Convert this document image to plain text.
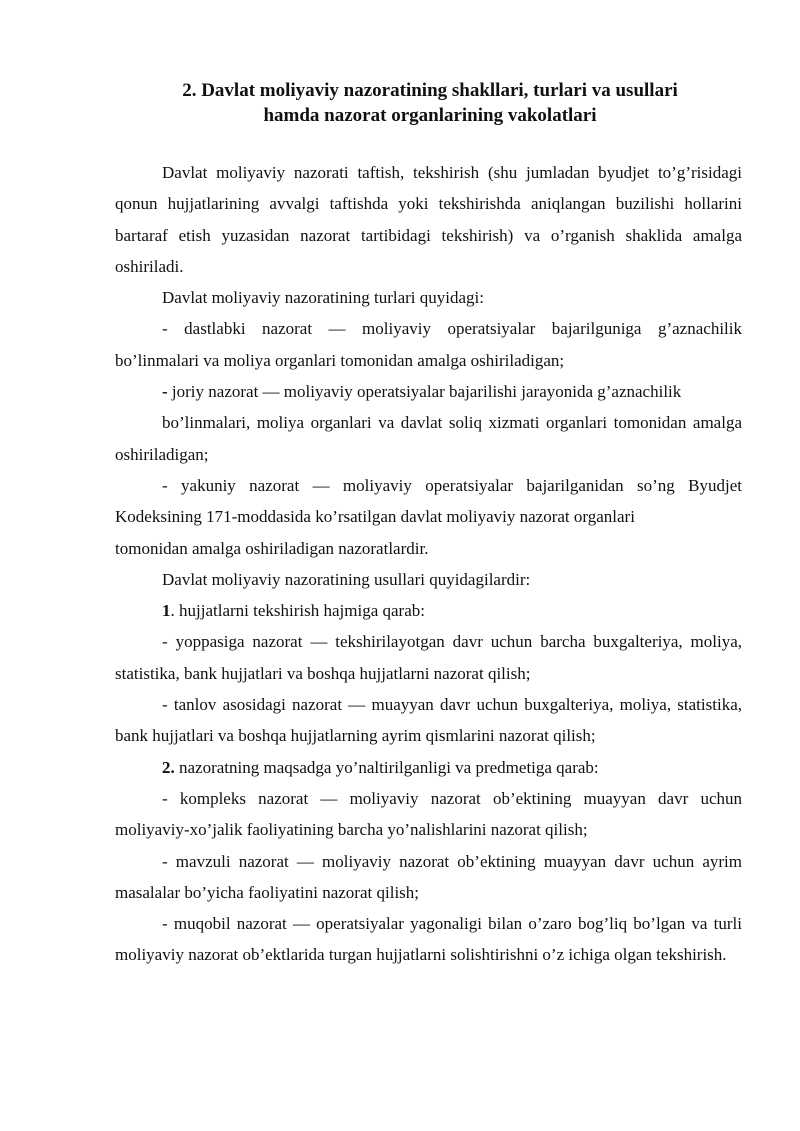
2. Davlat moliyaviy nazoratining shakllari, turlari va usullari
hamda nazorat organlarining vakolatlari

Davlat moliyaviy nazorati taftish, tekshirish (shu jumladan byudjet to’g’risidagi qonun hujjatlarining avvalgi taftishda yoki tekshirishda aniqlangan buzilishi hollarini bartaraf etish yuzasidan nazorat tartibidagi tekshirish) va o’rganish shaklida amalga oshiriladi.

Davlat moliyaviy nazoratining turlari quyidagi:

- dastlabki nazorat — moliyaviy operatsiyalar bajarilguniga g’aznachilik bo’linmalari va moliya organlari tomonidan amalga oshiriladigan;

- joriy nazorat — moliyaviy operatsiyalar bajarilishi jarayonida g’aznachilik

bo’linmalari, moliya organlari va davlat soliq xizmati organlari tomonidan amalga oshiriladigan;

- yakuniy nazorat — moliyaviy operatsiyalar bajarilganidan so’ng Byudjet

Kodeksining 171-moddasida ko’rsatilgan davlat moliyaviy nazorat organlari

tomonidan amalga oshiriladigan nazoratlardir.

Davlat moliyaviy nazoratining usullari quyidagilardir:

1. hujjatlarni tekshirish hajmiga qarab:

- yoppasiga nazorat — tekshirilayotgan davr uchun barcha buxgalteriya, moliya, statistika, bank hujjatlari va boshqa hujjatlarni nazorat qilish;

- tanlov asosidagi nazorat — muayyan davr uchun buxgalteriya, moliya, statistika, bank hujjatlari va boshqa hujjatlarning ayrim qismlarini nazorat qilish;

2. nazoratning maqsadga yo’naltirilganligi va predmetiga qarab:

- kompleks nazorat — moliyaviy nazorat ob’ektining muayyan davr uchun moliyaviy-xo’jalik faoliyatining barcha yo’nalishlarini nazorat qilish;

- mavzuli nazorat — moliyaviy nazorat ob’ektining muayyan davr uchun ayrim masalalar bo’yicha faoliyatini nazorat qilish;

- muqobil nazorat — operatsiyalar yagonaligi bilan o’zaro bog’liq bo’lgan va turli moliyaviy nazorat ob’ektlarida turgan hujjatlarni solishtirishni o’z ichiga olgan tekshirish.
